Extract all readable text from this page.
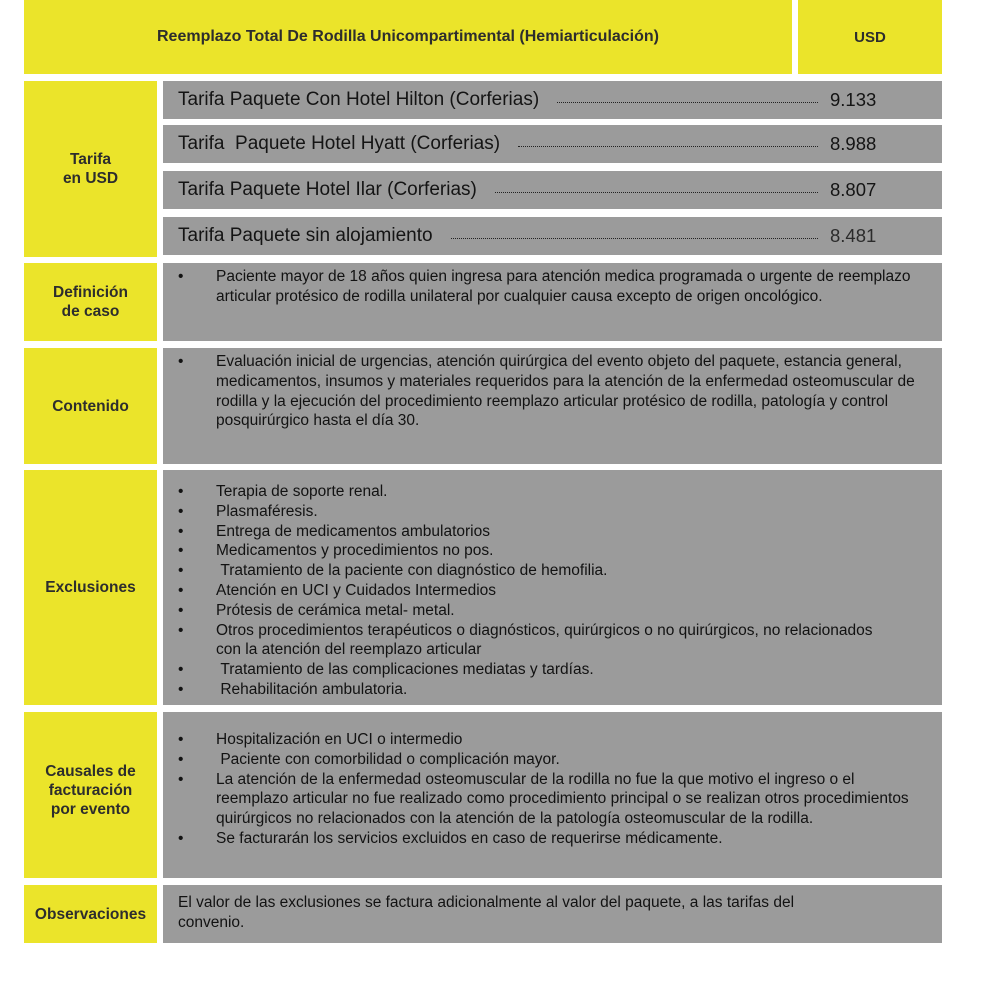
Reemplazo Total De Rodilla Unicompartimental (Hemiarticulación)	USD
Tarifa
en USD
Tarifa Paquete Con Hotel Hilton (Corferias)	9.133
Tarifa  Paquete Hotel Hyatt (Corferias)	8.988
Tarifa Paquete Hotel Ilar (Corferias)	8.807
Tarifa Paquete sin alojamiento	8.481
Definición
de caso
• Paciente mayor de 18 años quien ingresa para atención medica programada o urgente de reemplazo articular protésico de rodilla unilateral por cualquier causa excepto de origen oncológico.
Contenido
• Evaluación inicial de urgencias, atención quirúrgica del evento objeto del paquete, estancia general, medicamentos, insumos y materiales requeridos para la atención de la enfermedad osteomuscular de rodilla y la ejecución del procedimiento reemplazo articular protésico de rodilla, patología y control posquirúrgico hasta el día 30.
Exclusiones
• Terapia de soporte renal.
• Plasmaféresis.
• Entrega de medicamentos ambulatorios
• Medicamentos y procedimientos no pos.
•  Tratamiento de la paciente con diagnóstico de hemofilia.
• Atención en UCI y Cuidados Intermedios
• Prótesis de cerámica metal- metal.
• Otros procedimientos terapéuticos o diagnósticos, quirúrgicos o no quirúrgicos, no relacionados con la atención del reemplazo articular
•  Tratamiento de las complicaciones mediatas y tardías.
•  Rehabilitación ambulatoria.
Causales de
facturación
por evento
• Hospitalización en UCI o intermedio
•  Paciente con comorbilidad o complicación mayor.
• La atención de la enfermedad osteomuscular de la rodilla no fue la que motivo el ingreso o el reemplazo articular no fue realizado como procedimiento principal o se realizan otros procedimientos quirúrgicos no relacionados con la atención de la patología osteomuscular de la rodilla.
• Se facturarán los servicios excluidos en caso de requerirse médicamente.
Observaciones
El valor de las exclusiones se factura adicionalmente al valor del paquete, a las tarifas del convenio.
